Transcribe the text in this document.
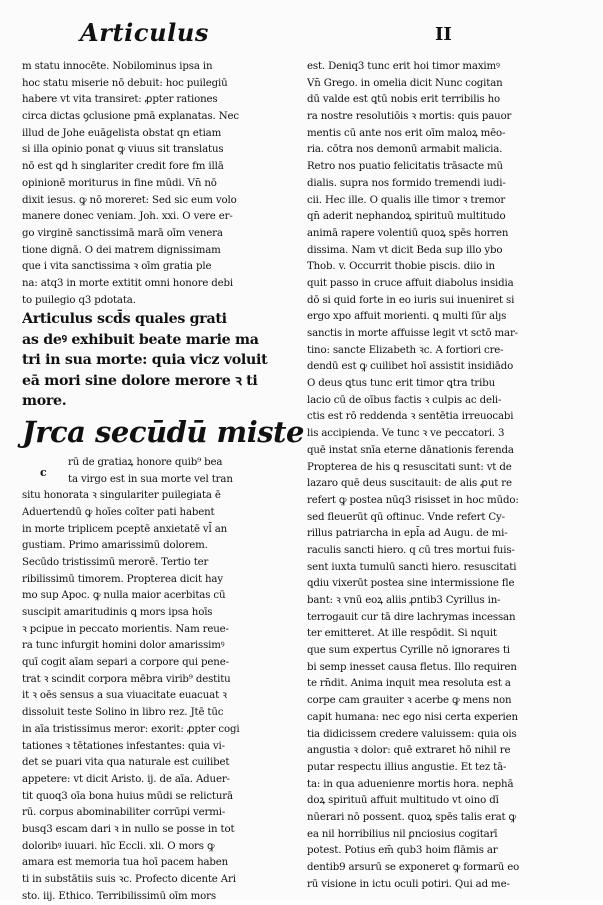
Articulus	II
m statu innocēte. Nobilominus ipsa in
hoc statu miserie nō debuit: hoc puilegiū
habere vt vita transiret: ꝓpter rationes
circa dictas ꝯclusione pmā explanatas. Nec
illud de Johe euāgelista obstat qn etiam
si illa opinio ponat ꝙ viuus sit translatus
nō est ꝗd h singlariter credit fore fm illā
opinionē moriturus in fine mūdi. Vn̄ nō
dixit iesus. ꝙ nō moreret: Sed sic eum volo
manere donec veniam. Joh. xxi. O vere er-
go virginē sanctissimā marā oīm venera
tione dignā. O dei matrem dignissimam
que i vita sanctissima ꝛ oīm gratia ple
na: atq3 in morte extitit omni honore debi
to puilegio q3 pdotata.
Articulus scd̄s quales grati
as deꝰ exhibuit beate marie ma
tri in sua morte: quia vicz voluit
eā mori sine dolore merore ꝛ ti
more.
Jrca secūdū miste
c
rū de gratiaꝝ honore quib⁹ bea
ta virgo est in sua morte vel tran
situ honorata ꝛ singulariter puilegiata ē
Aduertendū ꝙ hoīes coīter pati habent
in morte triplicem pceptē anxietatē vl̄ an
gustiam. Primo amarissimū dolorem.
Secūdo tristissimū merorē. Tertio ter
ribilissimū timorem. Propterea dicit hay
mo sup Apoc. ꝙ nulla maior acerbitas cū
suscipit amaritudinis ꝗ mors ipsa hoīs
ꝛ pcipue in peccato morientis. Nam reue-
ra tunc infurgit homini dolor amarissimꝰ
quī cogit aīam separi a corpore qui pene-
trat ꝛ scindit corpora mēbra virib⁹ destitu
it ꝛ oēs sensus a sua viuacitate euacuat ꝛ
dissoluit teste Solino in libro rez. Jtē tūc
in aīa tristissimus meror: exorit: ꝓpter cogi
tationes ꝛ tētationes infestantes: quia vi-
det se puari vita qua naturale est cuilibet
appetere: vt dicit Aristo. ij. de aīa. Aduer-
tit quoq3 oīa bona huius mūdi se relicturā
rū. corpus abominabiliter corrūpi vermi-
busq3 escam dari ꝛ in nullo se posse in tot
doloribꝰ iuuari. hīc Eccli. xli. O mors ꝙ
amara est memoria tua hoī pacem haben
ti in substātiis suis ꝛc. Profecto dicente Ari
sto. iij. Ethico. Terribilissimū oīm mors
est. Deniq3 tunc erit hoi timor maximꝰ
Vn̄ Grego. in omelia dicit Nunc cogitan
dū valde est ꝗtū nobis erit terribilis ho
ra nostre resolutiōis ꝛ mortis: quis pauor
mentis cū ante nos erit oīm maloꝝ mēo-
ria. cōtra nos demonū armabit malicia.
Retro nos puatio felicitatis trāsacte mū
dialis. supra nos formido tremendi iudi-
cii. Hec ille. O qualis ille timor ꝛ tremor
qn̄ aderit nephandoꝝ spirituū multitudo
animā rapere volentiū quoꝝ spēs horren
dissima. Nam vt dicit Beda sup illo ybo
Thob. v. Occurrit thobie piscis. diio in
quit passo in cruce affuit diabolus insidia
dō si quid forte in eo iuris sui inueniret si
ergo xpo affuit morienti. ꝗ multi ſūr alȷs
sanctis in morte affuisse legit vt sctō mar-
tino: sancte Elizabeth ꝛc. A fortiori cre-
dendū est ꝙ cuilibet hoī assistit insidiādo
O deus ꝗtus tunc erit timor ꝗtra tribu
lacio cū de oībus factis ꝛ culpis ac deli-
ctis est rō reddenda ꝛ sentētia irreuocabi
lis accipienda. Ve tunc ꝛ ve peccatori. 3
quē instat snīa eterne dānationis ferenda
Propterea de his ꝗ resuscitati sunt: vt de
lazaro quē deus suscitauit: de alis ꝓut re
refert ꝙ postea nūq3 risisset in hoc mūdo:
sed fleuerūt qū oftinuc. Vnde refert Cy-
rillus patriarcha in epl̄a ad Augu. de mi-
raculis sancti hiero. q cū tres mortui fuis-
sent iuxta tumulū sancti hiero. resuscitati
ꝗdiu vixerūt postea sine intermissione fle
bant: ꝛ vnū eoꝝ aliis ꝓntib3 Cyrillus in-
terrogauit cur tā dire lachrymas incessan
ter emitteret. At ille respōdit. Si nquit
que sum expertus Cyrille nō ignorares ti
bi semp inesset causa fletus. Illo requiren
te rn̄dit. Anima inquit mea resoluta est a
corpe cam grauiter ꝛ acerbe ꝙ mens non
capit humana: nec ego nisi certa experien
tia didicissem credere valuissem: quia ois
angustia ꝛ dolor: quē extraret hō nihil re
putar respectu illius angustie. Et tez tā-
ta: in qua aduenienre mortis hora. nephā
doꝝ spirituū affuit multitudo vt oino dī
nūerari nō possent. quoꝝ spēs talis erat ꝙ
ea nil horribilius nil ꝑnciosius cogitarī
potest. Potius em̄ qub3 hoim flāmis ar
dentib9 arsurū se exponeret ꝙ formarū eo
rū visione in ictu oculi potiri. Qui ad me-
